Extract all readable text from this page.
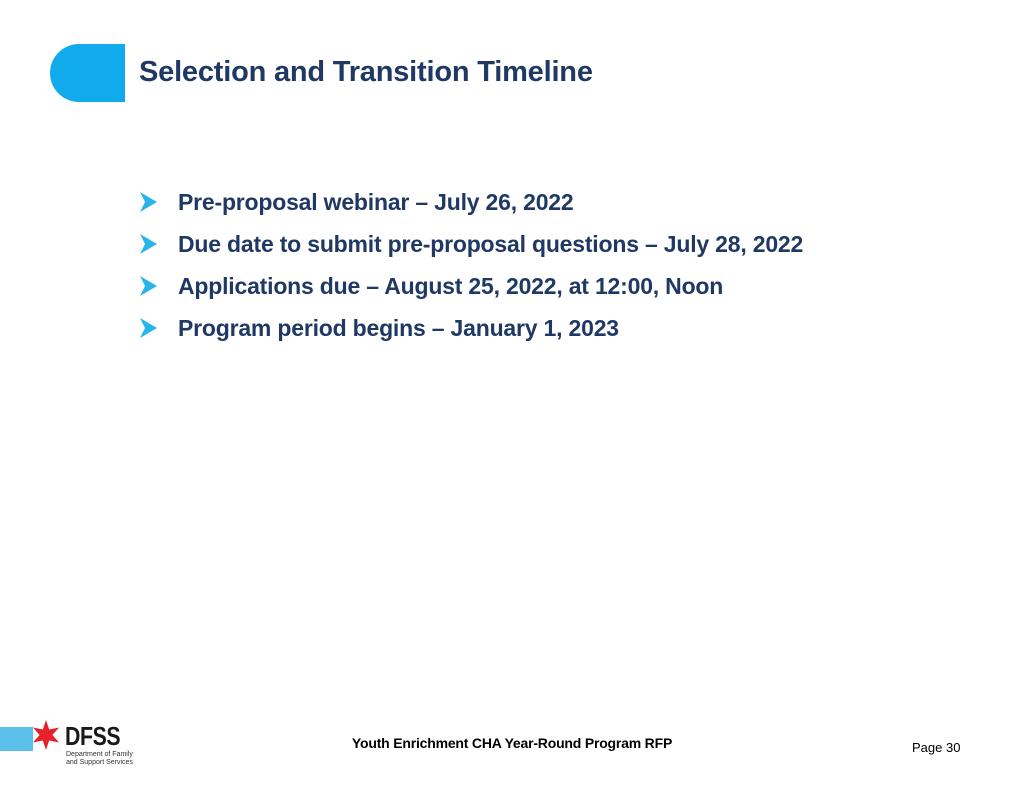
Selection and Transition Timeline
Pre-proposal webinar – July 26, 2022
Due date to submit pre-proposal questions – July 28, 2022
Applications due – August 25, 2022, at 12:00, Noon
Program period begins – January 1, 2023
DFSS
Department of Family
and Support Services
Youth Enrichment CHA Year-Round Program RFP	Page 30
